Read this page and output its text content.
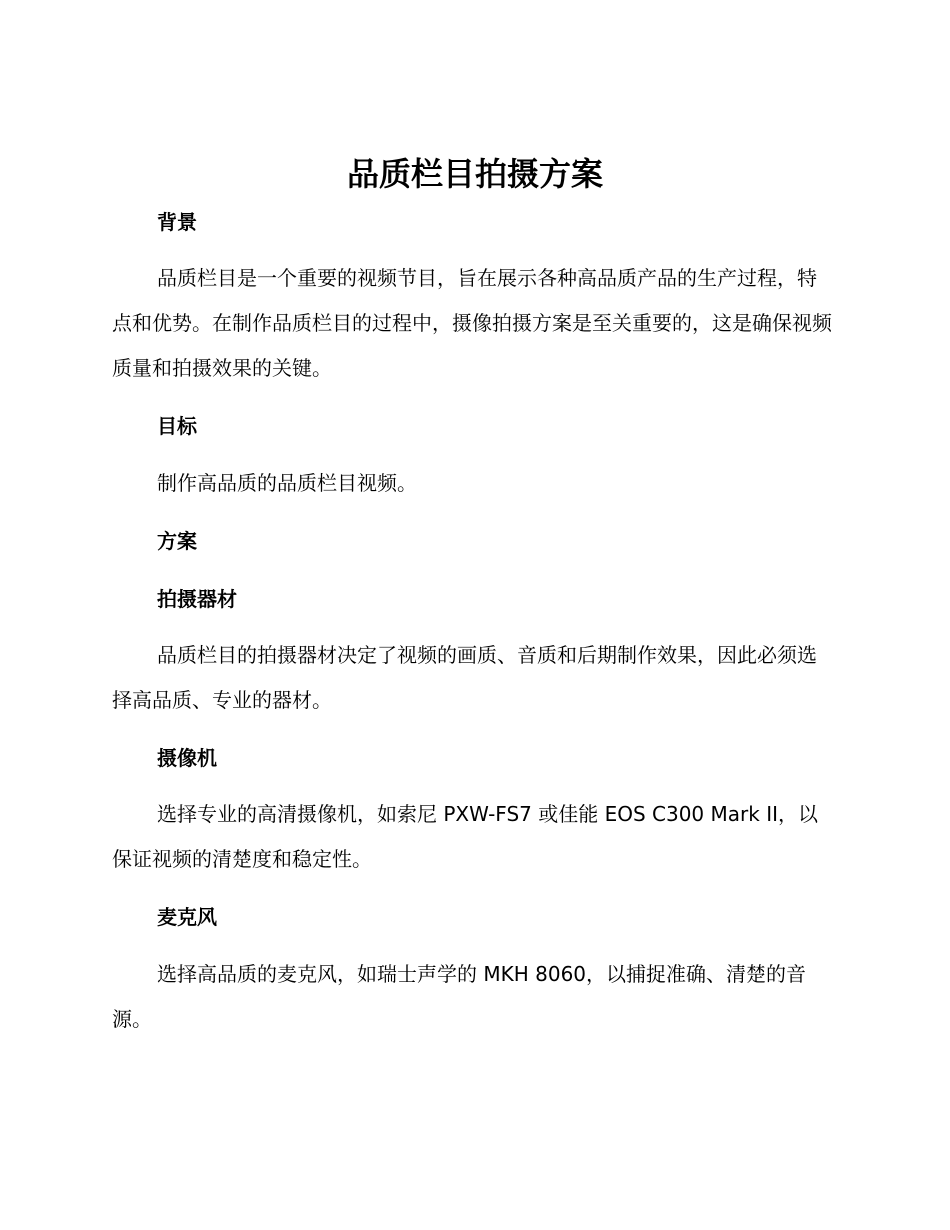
品质栏目拍摄方案
背景

品质栏目是一个重要的视频节目，旨在展示各种高品质产品的生产过程，特点和优势。在制作品质栏目的过程中，摄像拍摄方案是至关重要的，这是确保视频质量和拍摄效果的关键。

目标

制作高品质的品质栏目视频。

方案
拍摄器材

品质栏目的拍摄器材决定了视频的画质、音质和后期制作效果，因此必须选择高品质、专业的器材。

摄像机

选择专业的高清摄像机，如索尼 PXW-FS7 或佳能 EOS C300 Mark II，以保证视频的清楚度和稳定性。

麦克风

选择高品质的麦克风，如瑞士声学的 MKH 8060，以捕捉准确、清楚的音源。
